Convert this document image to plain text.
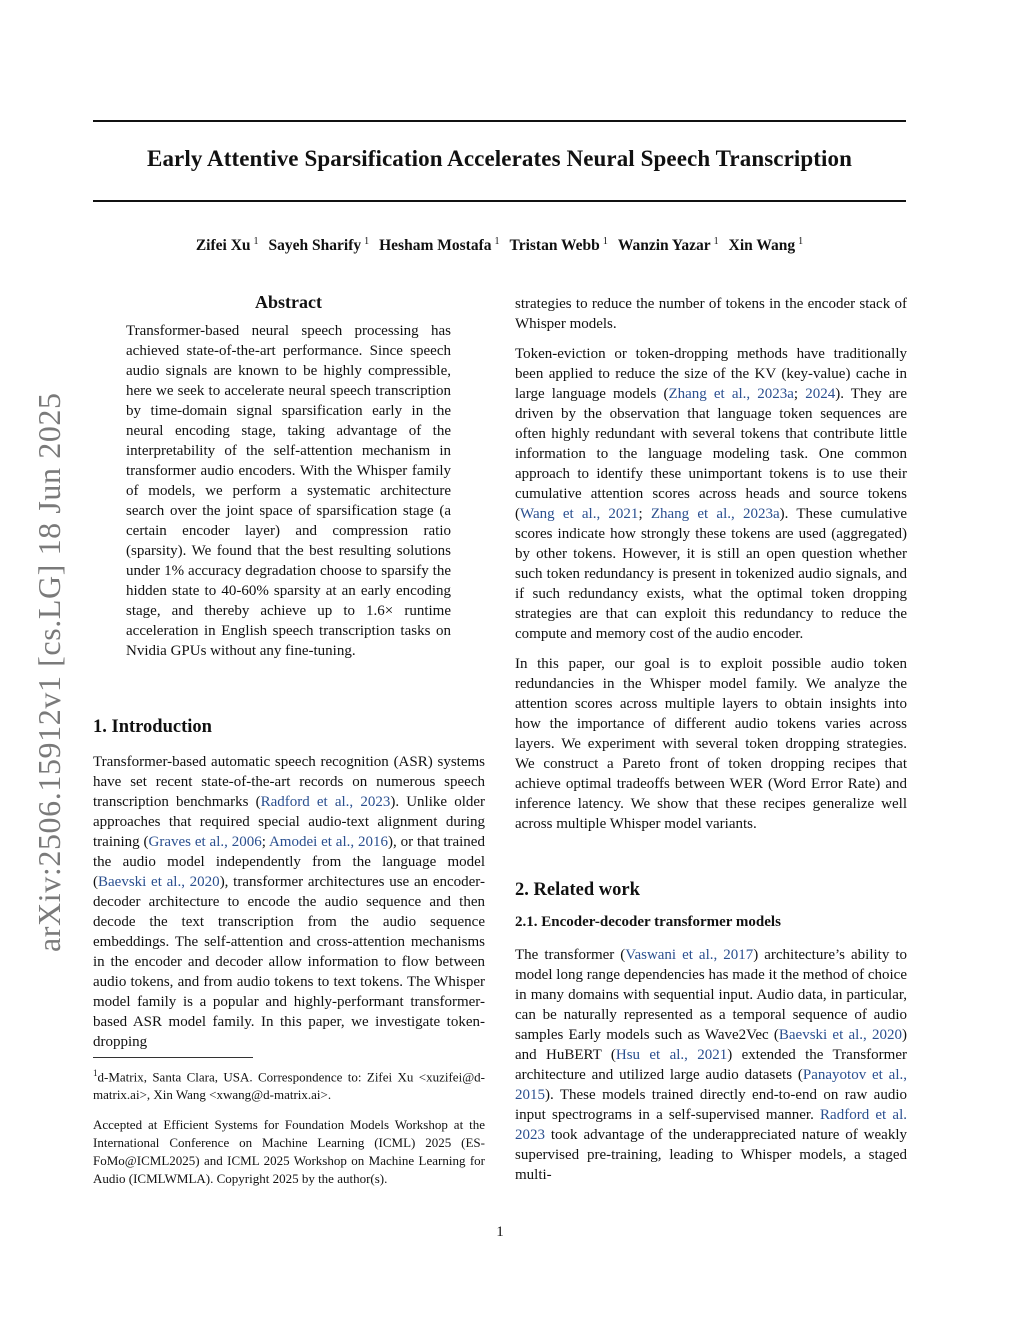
Early Attentive Sparsification Accelerates Neural Speech Transcription
Zifei Xu $^1$ Sayeh Sharify $^1$ Hesham Mostafa $^1$ Tristan Webb $^1$ Wanzin Yazar $^1$ Xin Wang $^1$
arXiv:2506.15912v1 [cs.LG] 18 Jun 2025
Abstract

Transformer-based neural speech processing has achieved state-of-the-art performance. Since speech audio signals are known to be highly compressible, here we seek to accelerate neural speech transcription by time-domain signal sparsification early in the neural encoding stage, taking advantage of the interpretability of the self-attention mechanism in transformer audio encoders. With the Whisper family of models, we perform a systematic architecture search over the joint space of sparsification stage (a certain encoder layer) and compression ratio (sparsity). We found that the best resulting solutions under 1% accuracy degradation choose to sparsify the hidden state to 40-60% sparsity at an early encoding stage, and thereby achieve up to 1.6× runtime acceleration in English speech transcription tasks on Nvidia GPUs without any fine-tuning.

1. Introduction

Transformer-based automatic speech recognition (ASR) systems have set recent state-of-the-art records on numerous speech transcription benchmarks (Radford et al., 2023). Unlike older approaches that required special audio-text alignment during training (Graves et al., 2006; Amodei et al., 2016), or that trained the audio model independently from the language model (Baevski et al., 2020), transformer architectures use an encoder-decoder architecture to encode the audio sequence and then decode the text transcription from the audio sequence embeddings. The self-attention and cross-attention mechanisms in the encoder and decoder allow information to flow between audio tokens, and from audio tokens to text tokens. The Whisper model family is a popular and highly-performant transformer-based ASR model family. In this paper, we investigate token-dropping

$^1$d-Matrix, Santa Clara, USA. Correspondence to: Zifei Xu <xuzifei@d-matrix.ai>, Xin Wang <xwang@d-matrix.ai>.
Accepted at Efficient Systems for Foundation Models Workshop at the International Conference on Machine Learning (ICML) 2025 (ES-FoMo@ICML2025) and ICML 2025 Workshop on Machine Learning for Audio (ICMLWMLA). Copyright 2025 by the author(s).

strategies to reduce the number of tokens in the encoder stack of Whisper models.

Token-eviction or token-dropping methods have traditionally been applied to reduce the size of the KV (key-value) cache in large language models (Zhang et al., 2023a; 2024). They are driven by the observation that language token sequences are often highly redundant with several tokens that contribute little information to the language modeling task. One common approach to identify these unimportant tokens is to use their cumulative attention scores across heads and source tokens (Wang et al., 2021; Zhang et al., 2023a). These cumulative scores indicate how strongly these tokens are used (aggregated) by other tokens. However, it is still an open question whether such token redundancy is present in tokenized audio signals, and if such redundancy exists, what the optimal token dropping strategies are that can exploit this redundancy to reduce the compute and memory cost of the audio encoder.

In this paper, our goal is to exploit possible audio token redundancies in the Whisper model family. We analyze the attention scores across multiple layers to obtain insights into how the importance of different audio tokens varies across layers. We experiment with several token dropping strategies. We construct a Pareto front of token dropping recipes that achieve optimal tradeoffs between WER (Word Error Rate) and inference latency. We show that these recipes generalize well across multiple Whisper model variants.

2. Related work
2.1. Encoder-decoder transformer models

The transformer (Vaswani et al., 2017) architecture’s ability to model long range dependencies has made it the method of choice in many domains with sequential input. Audio data, in particular, can be naturally represented as a temporal sequence of audio samples Early models such as Wave2Vec (Baevski et al., 2020) and HuBERT (Hsu et al., 2021) extended the Transformer architecture and utilized large audio datasets (Panayotov et al., 2015). These models trained directly end-to-end on raw audio input spectrograms in a self-supervised manner. Radford et al. 2023 took advantage of the underappreciated nature of weakly supervised pre-training, leading to Whisper models, a staged multi-

1
